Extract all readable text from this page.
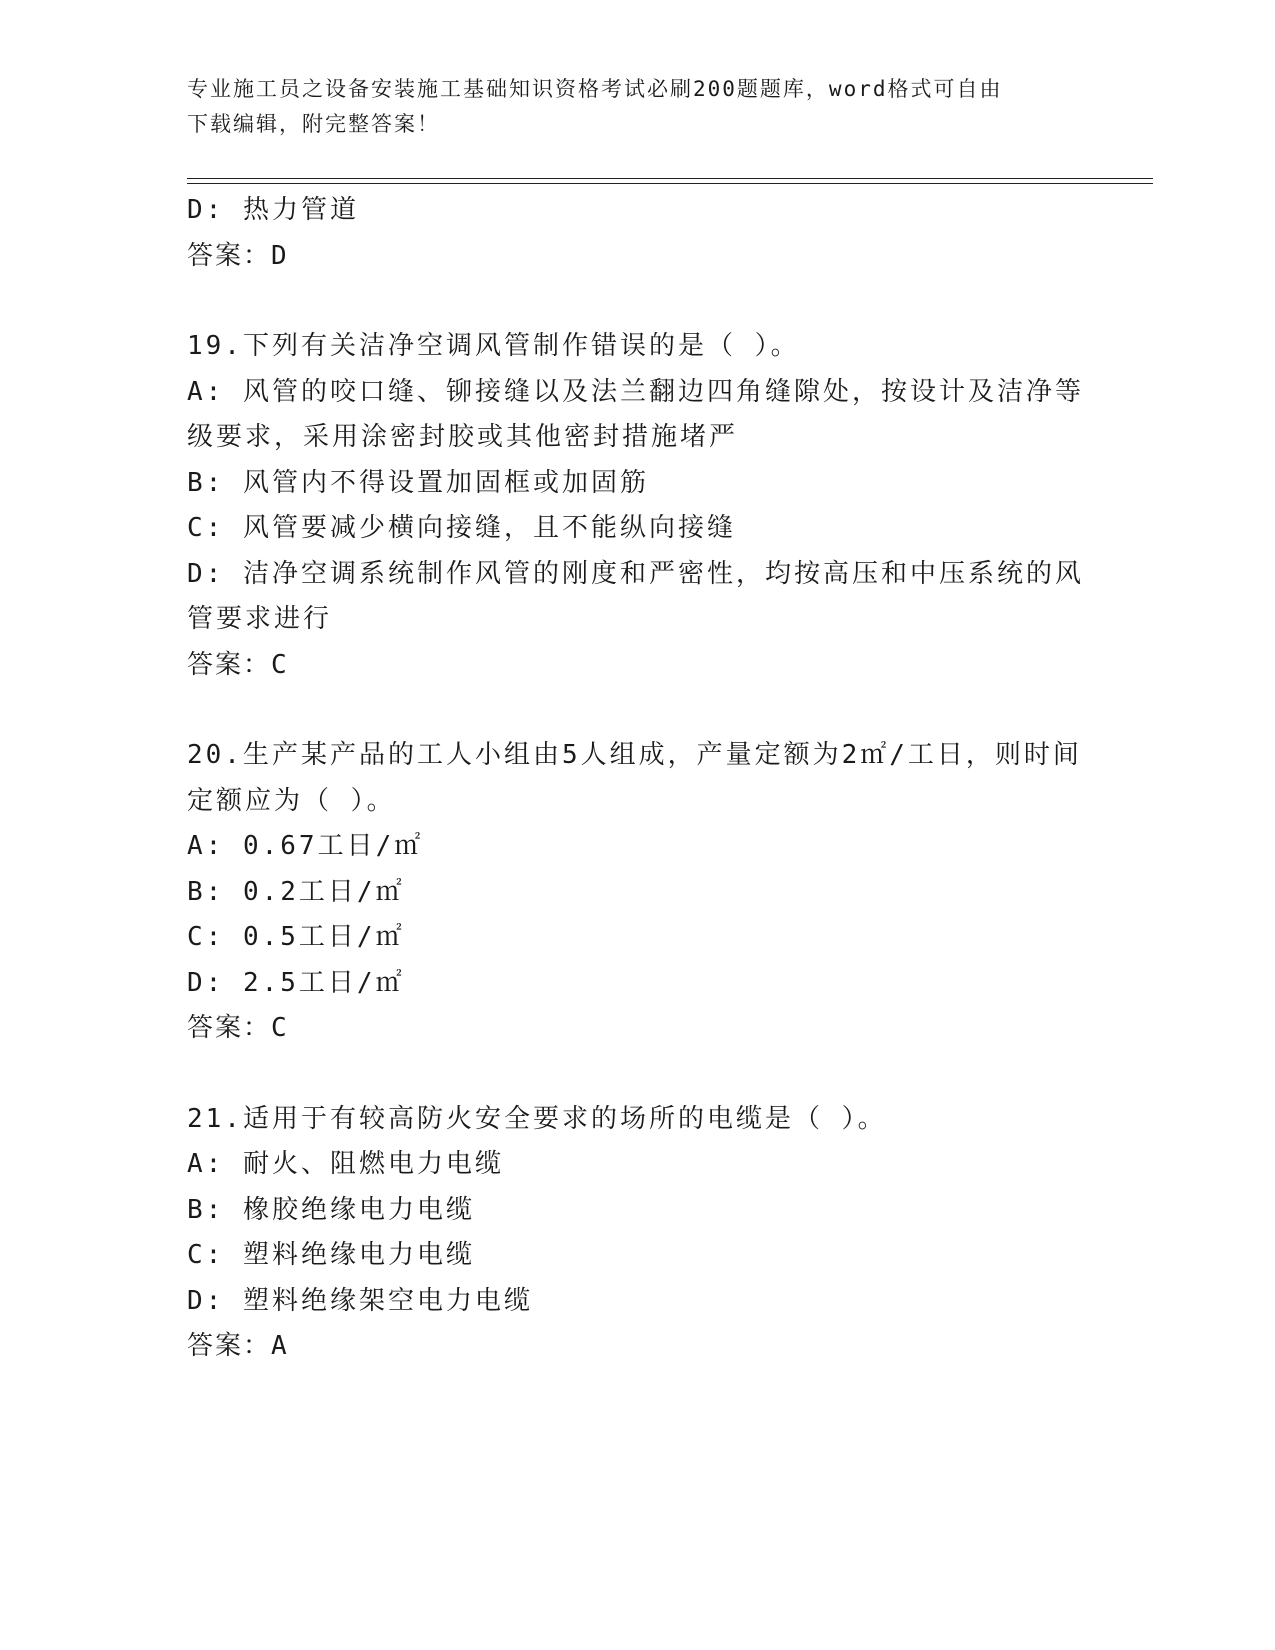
专业施工员之设备安装施工基础知识资格考试必刷200题题库，word格式可自由
下载编辑，附完整答案！
D: 热力管道
答案：D
19.下列有关洁净空调风管制作错误的是（ ）。
A: 风管的咬口缝、铆接缝以及法兰翻边四角缝隙处，按设计及洁净等
级要求，采用涂密封胶或其他密封措施堵严
B: 风管内不得设置加固框或加固筋
C: 风管要减少横向接缝，且不能纵向接缝
D: 洁净空调系统制作风管的刚度和严密性，均按高压和中压系统的风
管要求进行
答案：C
20.生产某产品的工人小组由5人组成，产量定额为2㎡/工日，则时间
定额应为（ ）。
A: 0.67工日/㎡
B: 0.2工日/㎡
C: 0.5工日/㎡
D: 2.5工日/㎡
答案：C
21.适用于有较高防火安全要求的场所的电缆是（ ）。
A: 耐火、阻燃电力电缆
B: 橡胶绝缘电力电缆
C: 塑料绝缘电力电缆
D: 塑料绝缘架空电力电缆
答案：A
